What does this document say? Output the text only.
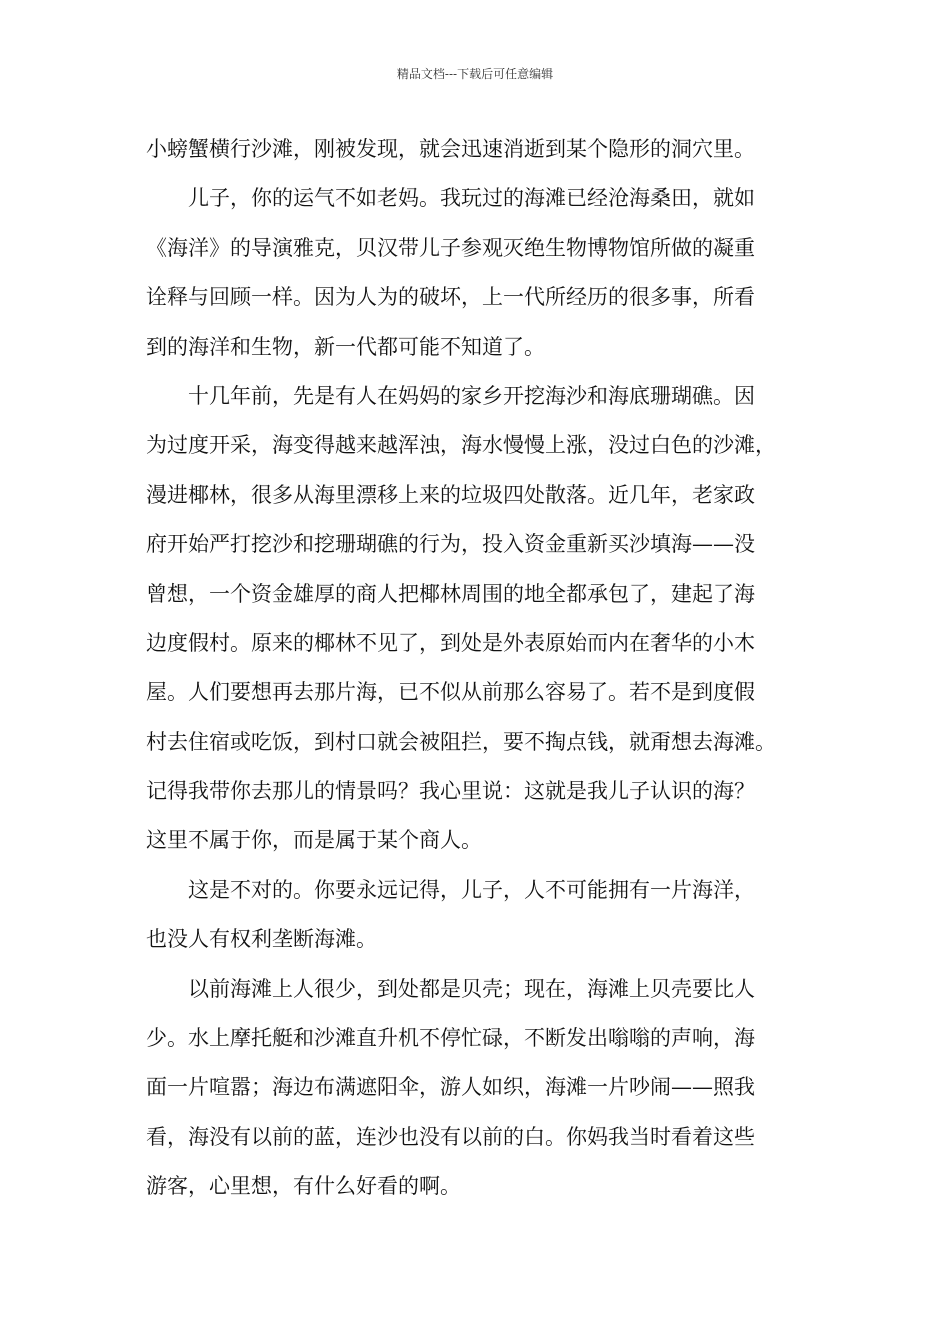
精品文档---下载后可任意编辑
小螃蟹横行沙滩，刚被发现，就会迅速消逝到某个隐形的洞穴里。
儿子，你的运气不如老妈。我玩过的海滩已经沧海桑田，就如
《海洋》的导演雅克，贝汉带儿子参观灭绝生物博物馆所做的凝重
诠释与回顾一样。因为人为的破坏，上一代所经历的很多事，所看
到的海洋和生物，新一代都可能不知道了。
十几年前，先是有人在妈妈的家乡开挖海沙和海底珊瑚礁。因
为过度开采，海变得越来越浑浊，海水慢慢上涨，没过白色的沙滩，
漫进椰林，很多从海里漂移上来的垃圾四处散落。近几年，老家政
府开始严打挖沙和挖珊瑚礁的行为，投入资金重新买沙填海——没
曾想，一个资金雄厚的商人把椰林周围的地全都承包了，建起了海
边度假村。原来的椰林不见了，到处是外表原始而内在奢华的小木
屋。人们要想再去那片海，已不似从前那么容易了。若不是到度假
村去住宿或吃饭，到村口就会被阻拦，要不掏点钱，就甭想去海滩。
记得我带你去那儿的情景吗？我心里说：这就是我儿子认识的海？
这里不属于你，而是属于某个商人。
这是不对的。你要永远记得，儿子，人不可能拥有一片海洋，
也没人有权利垄断海滩。
以前海滩上人很少，到处都是贝壳；现在，海滩上贝壳要比人
少。水上摩托艇和沙滩直升机不停忙碌，不断发出嗡嗡的声响，海
面一片喧嚣；海边布满遮阳伞，游人如织，海滩一片吵闹——照我
看，海没有以前的蓝，连沙也没有以前的白。你妈我当时看着这些
游客，心里想，有什么好看的啊。
